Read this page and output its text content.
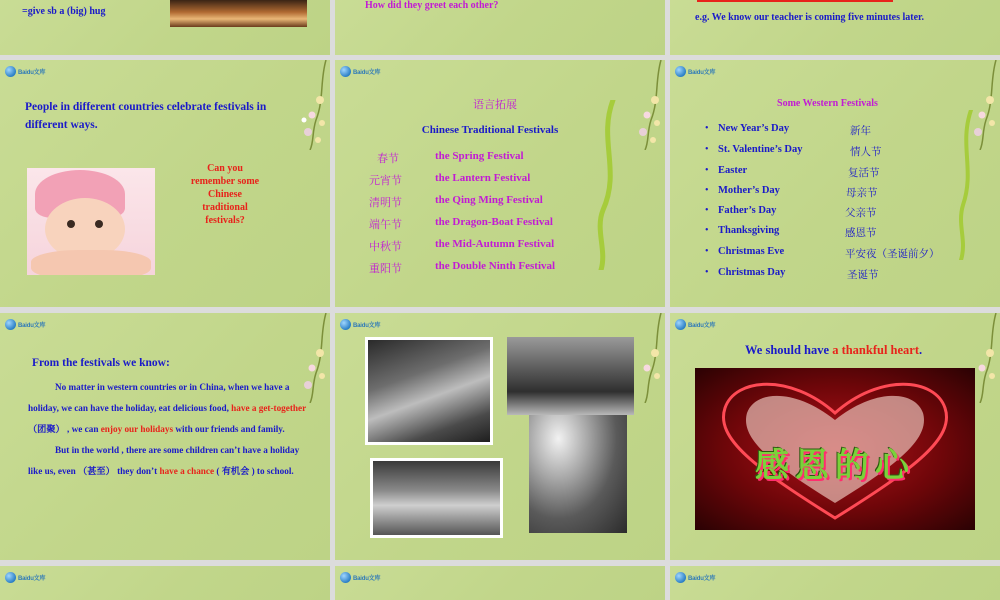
=give sb a (big) hug
How did they greet each other?
e.g. We know our teacher is coming five minutes later.
Baidu文库
People in different countries celebrate festivals in different ways.
Can you
remember some
Chinese
traditional
festivals?
Baidu文库
语言拓展
Chinese Traditional Festivals
春节	the Spring Festival
元宵节	the Lantern Festival
清明节	the Qing Ming Festival
端午节	the Dragon-Boat Festival
中秋节	the Mid-Autumn Festival
重阳节	the Double Ninth Festival
Baidu文库
Some Western Festivals
• New Year’s Day	新年
• St. Valentine’s Day	情人节
• Easter	复活节
• Mother’s Day	母亲节
• Father’s Day	父亲节
• Thanksgiving	感恩节
• Christmas Eve	平安夜（圣诞前夕）
• Christmas Day	圣诞节
Baidu文库
From the festivals we know:
No matter in western countries or in China, when we have a holiday, we can have the holiday, eat delicious food, have a get-together（团聚） , we can enjoy our holidays with our friends and family.
But in the world , there are some children can’t have a holiday like us, even （甚至） they don’t have a chance ( 有机会 ) to school.
Baidu文库	Baidu文库
We should have a thankful heart.
感恩的心
Baidu文库	Baidu文库	Baidu文库
